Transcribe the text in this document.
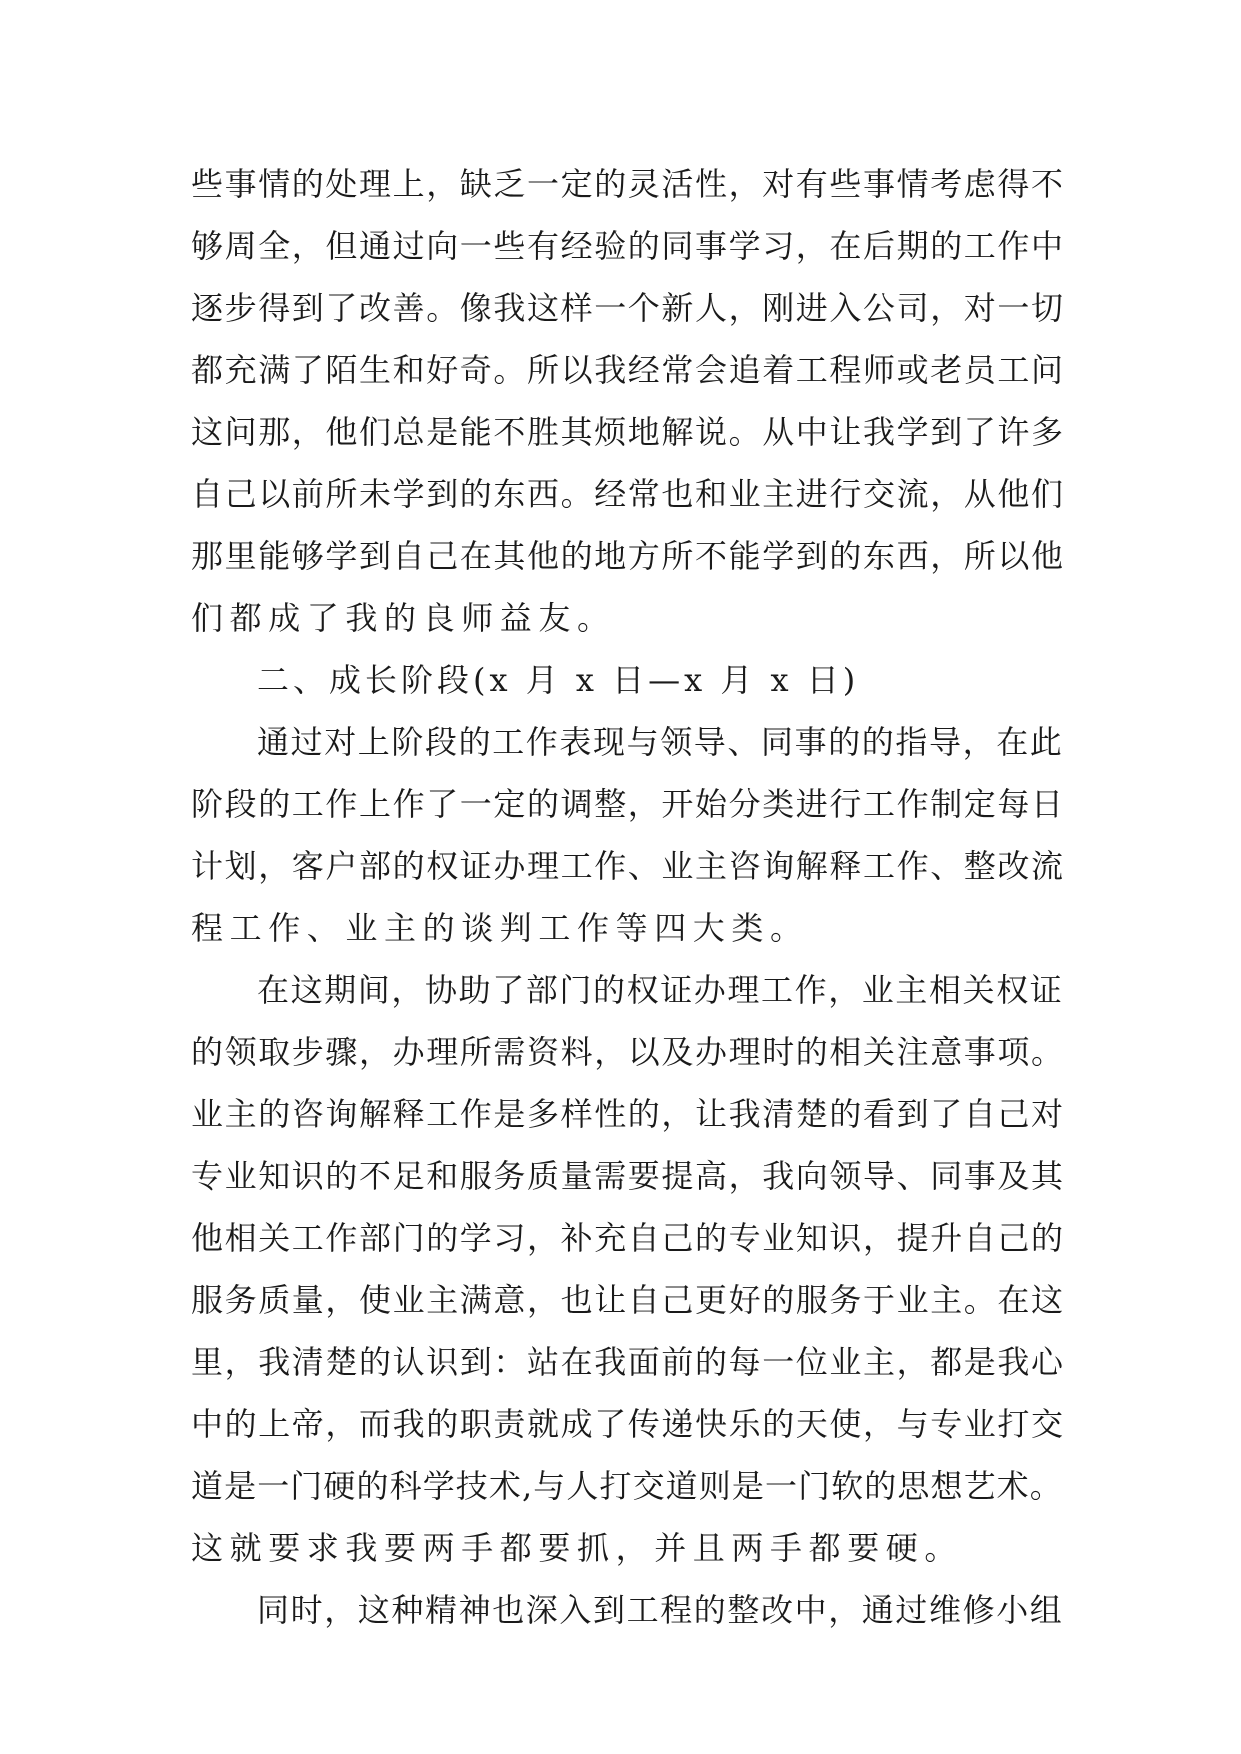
些事情的处理上，缺乏一定的灵活性，对有些事情考虑得不
够周全，但通过向一些有经验的同事学习，在后期的工作中
逐步得到了改善。像我这样一个新人，刚进入公司，对一切
都充满了陌生和好奇。所以我经常会追着工程师或老员工问
这问那，他们总是能不胜其烦地解说。从中让我学到了许多
自己以前所未学到的东西。经常也和业主进行交流，从他们
那里能够学到自己在其他的地方所不能学到的东西，所以他
们都成了我的良师益友。
二、成长阶段(x 月 x 日—x 月 x 日)
通过对上阶段的工作表现与领导、同事的的指导，在此
阶段的工作上作了一定的调整，开始分类进行工作制定每日
计划，客户部的权证办理工作、业主咨询解释工作、整改流
程工作、业主的谈判工作等四大类。
在这期间，协助了部门的权证办理工作，业主相关权证
的领取步骤，办理所需资料，以及办理时的相关注意事项。
业主的咨询解释工作是多样性的，让我清楚的看到了自己对
专业知识的不足和服务质量需要提高，我向领导、同事及其
他相关工作部门的学习，补充自己的专业知识，提升自己的
服务质量，使业主满意，也让自己更好的服务于业主。在这
里，我清楚的认识到：站在我面前的每一位业主，都是我心
中的上帝，而我的职责就成了传递快乐的天使，与专业打交
道是一门硬的科学技术,与人打交道则是一门软的思想艺术。
这就要求我要两手都要抓，并且两手都要硬。
同时，这种精神也深入到工程的整改中，通过维修小组
